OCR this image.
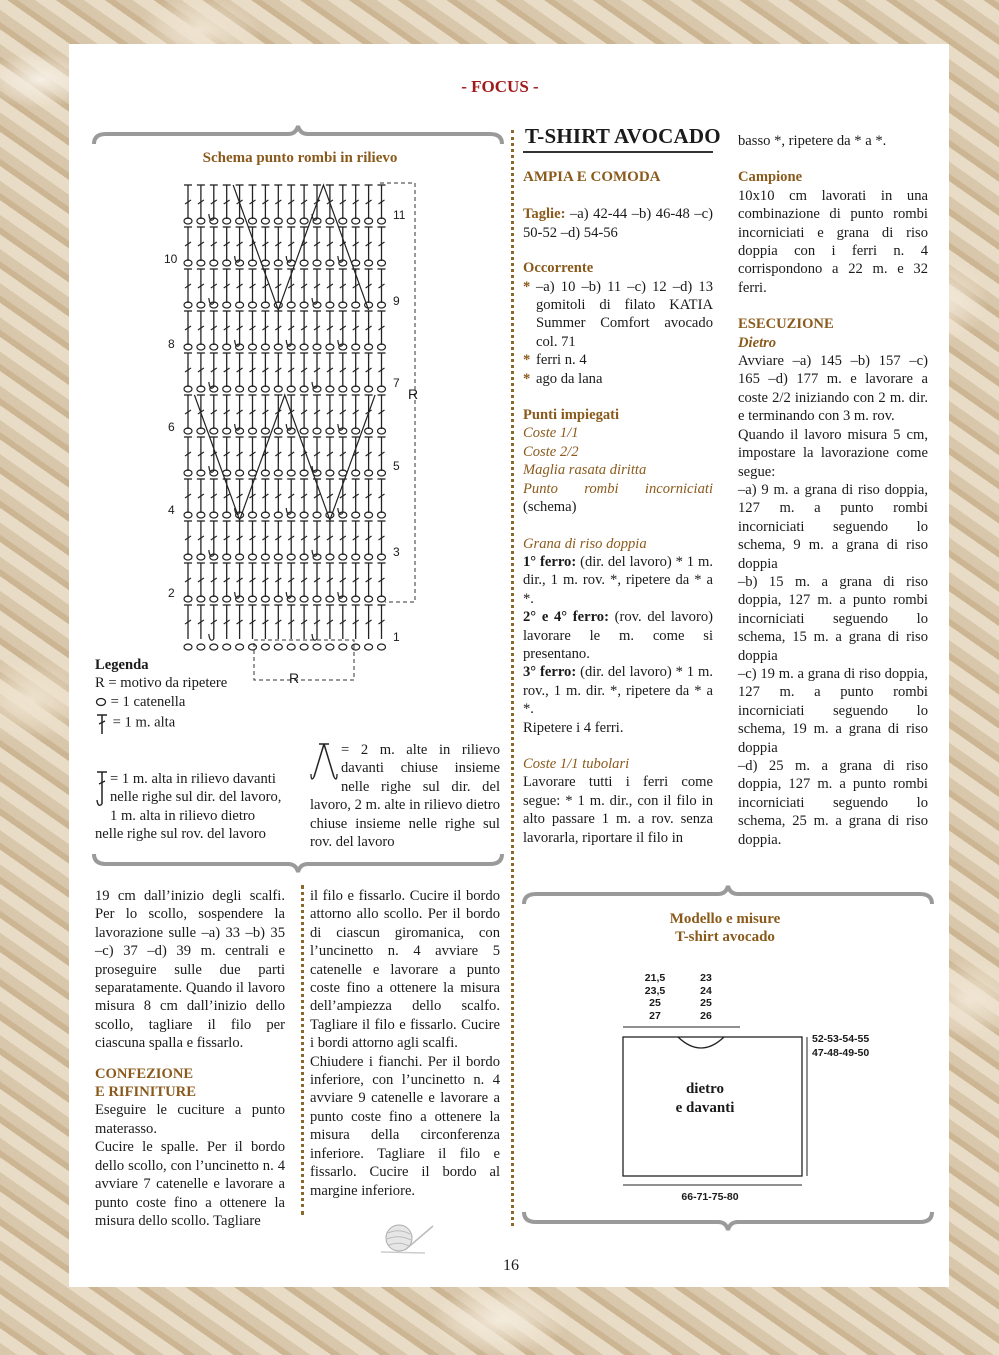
- FOCUS -
Schema punto rombi in rilievo
10
8
6
4
2
11
9
7
5
3
1
R
R
Legenda
R = motivo da ripetere
= 1 catenella
= 1 m. alta
= 1 m. alta in rilievo davanti nelle righe sul dir. del lavoro, 1 m. alta in rilievo dietro nelle righe sul rov. del lavoro
= 2 m. alte in rilievo davanti chiuse insieme nelle righe sul dir. del lavoro, 2 m. alte in rilievo dietro chiuse insieme nelle righe sul rov. del lavoro

19 cm dall’inizio degli scalfi. Per lo scollo, sospendere la lavorazione sulle –a) 33 –b) 35 –c) 37 –d) 39 m. centrali e proseguire sulle due parti separatamente. Quando il lavoro misura 8 cm dall’inizio dello scollo, tagliare il filo per ciascuna spalla e fissarlo.

CONFEZIONE

E RIFINITURE

Eseguire le cuciture a punto materasso.

Cucire le spalle. Per il bordo dello scollo, con l’uncinetto n. 4 avviare 7 catenelle e lavorare a punto coste fino a ottenere la misura dello scollo. Tagliare

il filo e fissarlo. Cucire il bordo attorno allo scollo. Per il bordo di ciascun giromanica, con l’uncinetto n. 4 avviare 5 catenelle e lavorare a punto coste fino a ottenere la misura dell’ampiezza dello scalfo. Tagliare il filo e fissarlo. Cucire i bordi attorno agli scalfi.

Chiudere i fianchi. Per il bordo inferiore, con l’uncinetto n. 4 avviare 9 catenelle e lavorare a punto coste fino a ottenere la misura della circonferenza inferiore. Tagliare il filo e fissarlo. Cucire il bordo al margine inferiore.

T-SHIRT AVOCADO

AMPIA E COMODA

Taglie: –a) 42-44 –b) 46-48 –c) 50-52 –d) 54-56

Occorrente

* –a) 10 –b) 11 –c) 12 –d) 13 gomitoli di filato KATIA Summer Comfort avocado col. 71
* ferri n. 4
* ago da lana

Punti impiegati

Coste 1/1

Coste 2/2

Maglia rasata diritta

Punto rombi incorniciati

(schema)

Grana di riso doppia

1° ferro: (dir. del lavoro) * 1 m. dir., 1 m. rov. *, ripetere da * a *.

2° e 4° ferro: (rov. del lavoro) lavorare le m. come si presentano.

3° ferro: (dir. del lavoro) * 1 m. rov., 1 m. dir. *, ripetere da * a *.

Ripetere i 4 ferri.

Coste 1/1 tubolari

Lavorare tutti i ferri come segue: * 1 m. dir., con il filo in alto passare 1 m. a rov. senza lavorarla, riportare il filo in

basso *, ripetere da * a *.

Campione

10x10 cm lavorati in una combinazione di punto rombi incorniciati e grana di riso doppia con i ferri n. 4 corrispondono a 22 m. e 32 ferri.

ESECUZIONE

Dietro

Avviare –a) 145 –b) 157 –c) 165 –d) 177 m. e lavorare a coste 2/2 iniziando con 2 m. dir. e terminando con 3 m. rov.

Quando il lavoro misura 5 cm, impostare la lavorazione come segue:

–a) 9 m. a grana di riso doppia, 127 m. a punto rombi incorniciati seguendo lo schema, 9 m. a grana di riso doppia

–b) 15 m. a grana di riso doppia, 127 m. a punto rombi incorniciati seguendo lo schema, 15 m. a grana di riso doppia

–c) 19 m. a grana di riso doppia, 127 m. a punto rombi incorniciati seguendo lo schema, 19 m. a grana di riso doppia

–d) 25 m. a grana di riso doppia, 127 m. a punto rombi incorniciati seguendo lo schema, 25 m. a grana di riso doppia.

Modello e misure
T-shirt avocado
21,5
23,5
25
27
23
24
25
26
52-53-54-55
47-48-49-50
dietro
e davanti
66-71-75-80
16
